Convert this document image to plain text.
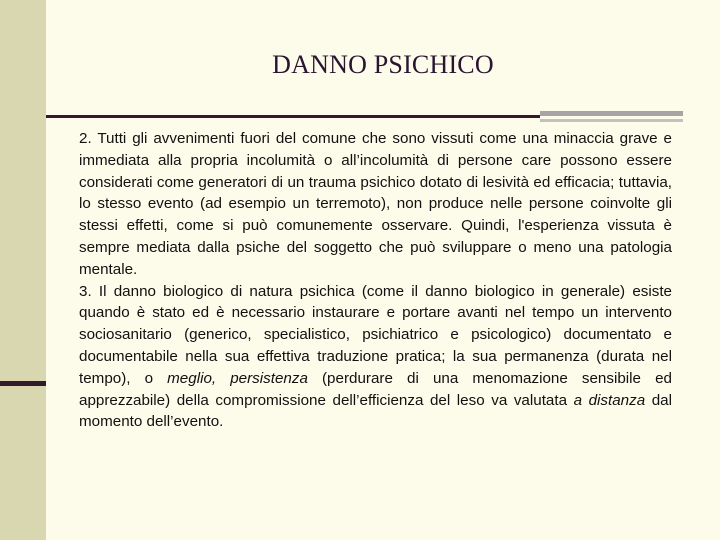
DANNO PSICHICO

2. Tutti gli avvenimenti fuori del comune che sono vissuti come una minaccia grave e immediata alla propria incolumità o all’incolumità di persone care possono essere considerati come generatori di un trauma psichico dotato di lesività ed efficacia; tuttavia, lo stesso evento (ad esempio un terremoto), non produce nelle persone coinvolte gli stessi effetti, come si può comunemente osservare. Quindi, l'esperienza vissuta è sempre mediata dalla psiche del soggetto che può sviluppare o meno una patologia mentale.

3. Il danno biologico di natura psichica (come il danno biologico in generale) esiste quando è stato ed è necessario instaurare e portare avanti nel tempo un intervento sociosanitario (generico, specialistico, psichiatrico e psicologico) documentato e documentabile nella sua effettiva traduzione pratica; la sua permanenza (durata nel tempo), o meglio, persistenza (perdurare di una menomazione sensibile ed apprezzabile) della compromissione dell’efficienza del leso va valutata a distanza dal momento dell’evento.
